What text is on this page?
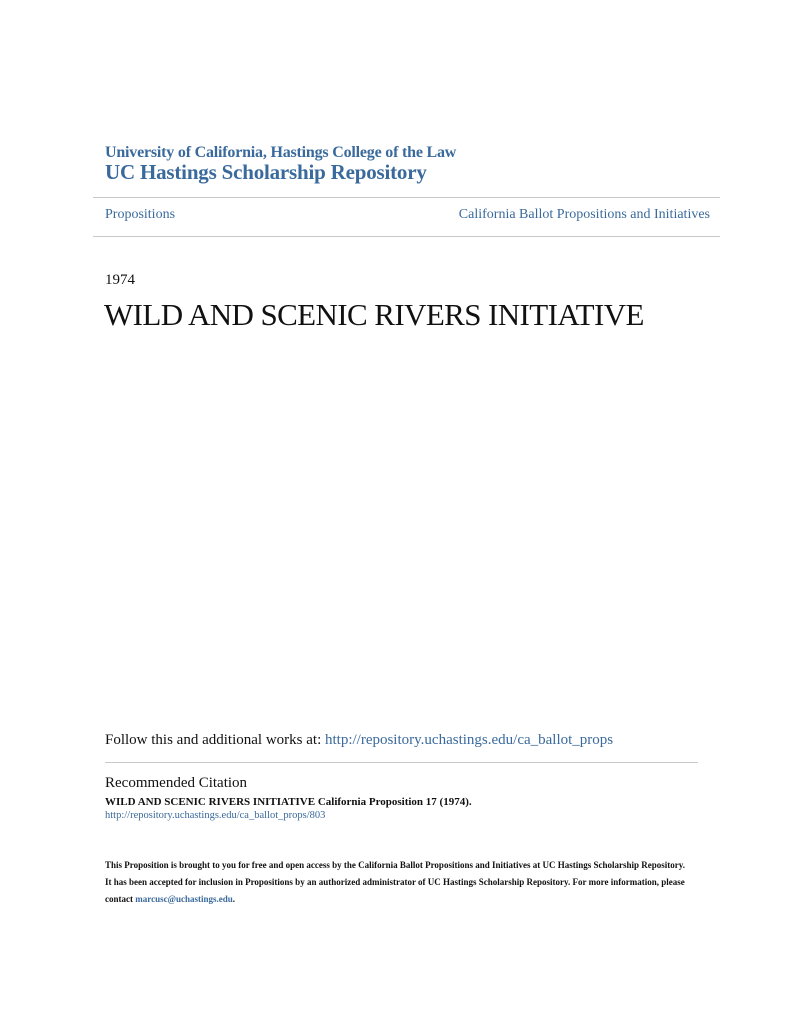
University of California, Hastings College of the Law
UC Hastings Scholarship Repository
Propositions	California Ballot Propositions and Initiatives
1974
WILD AND SCENIC RIVERS INITIATIVE
Follow this and additional works at: http://repository.uchastings.edu/ca_ballot_props
Recommended Citation
WILD AND SCENIC RIVERS INITIATIVE California Proposition 17 (1974).
http://repository.uchastings.edu/ca_ballot_props/803
This Proposition is brought to you for free and open access by the California Ballot Propositions and Initiatives at UC Hastings Scholarship Repository.
It has been accepted for inclusion in Propositions by an authorized administrator of UC Hastings Scholarship Repository. For more information, please
contact marcusc@uchastings.edu.
